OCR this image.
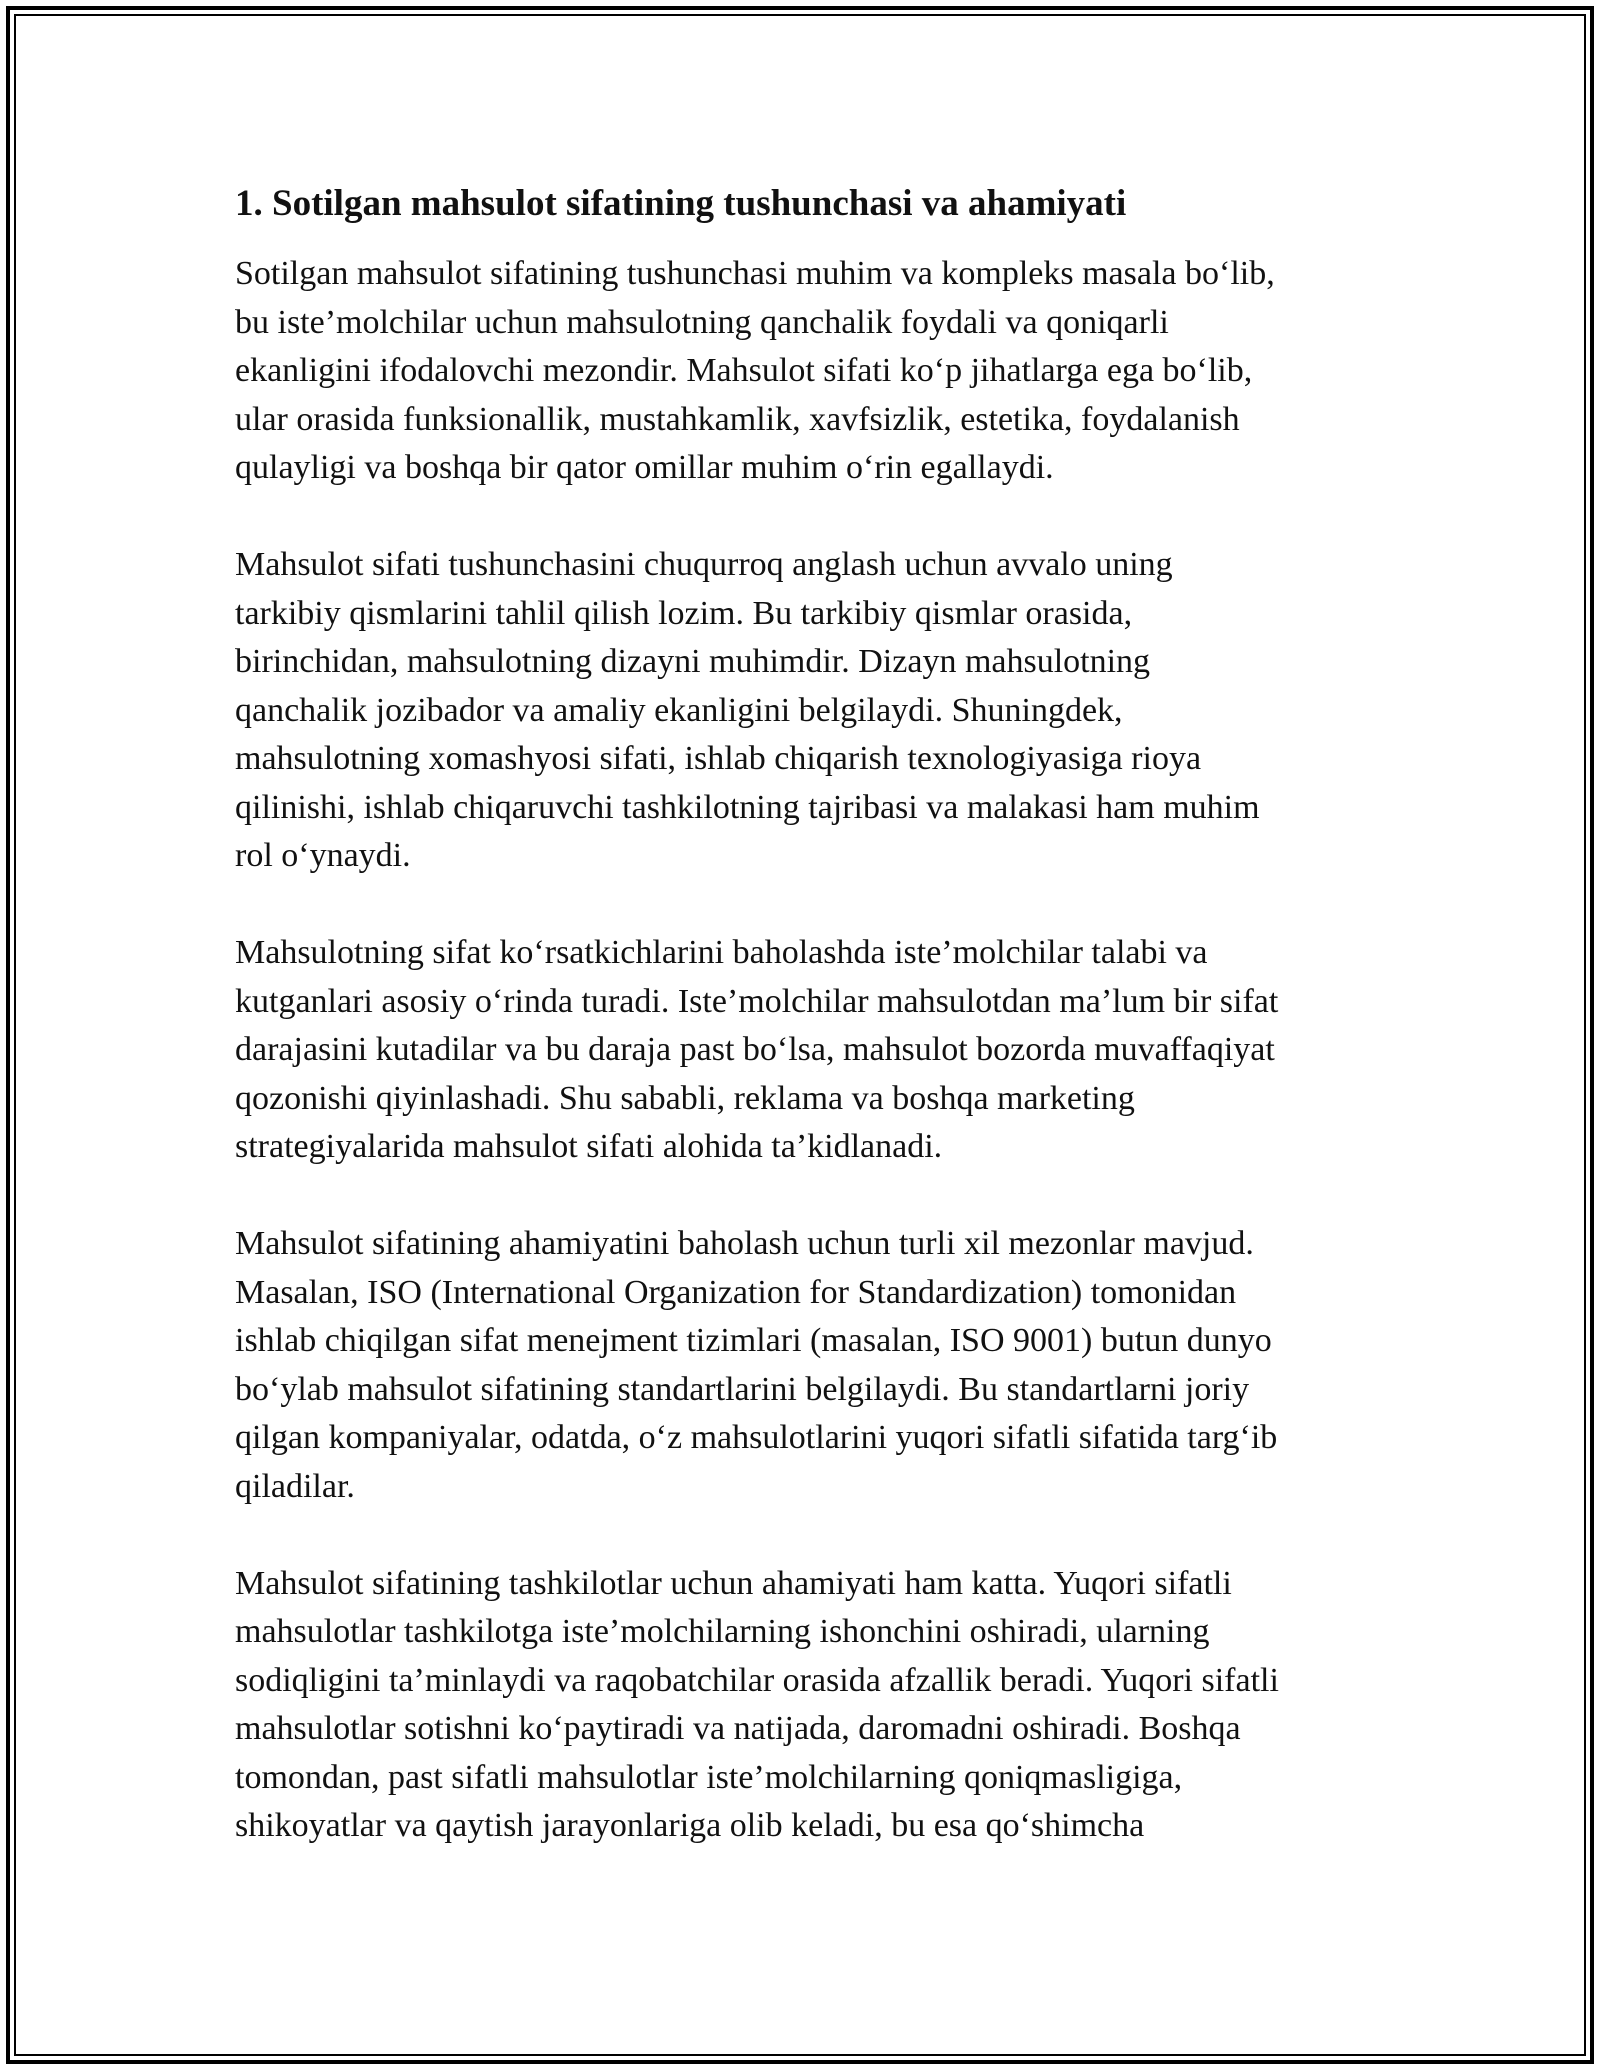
1. Sotilgan mahsulot sifatining tushunchasi va ahamiyati

Sotilgan mahsulot sifatining tushunchasi muhim va kompleks masala bo‘lib,
bu iste’molchilar uchun mahsulotning qanchalik foydali va qoniqarli
ekanligini ifodalovchi mezondir. Mahsulot sifati ko‘p jihatlarga ega bo‘lib,
ular orasida funksionallik, mustahkamlik, xavfsizlik, estetika, foydalanish
qulayligi va boshqa bir qator omillar muhim o‘rin egallaydi.

Mahsulot sifati tushunchasini chuqurroq anglash uchun avvalo uning
tarkibiy qismlarini tahlil qilish lozim. Bu tarkibiy qismlar orasida,
birinchidan, mahsulotning dizayni muhimdir. Dizayn mahsulotning
qanchalik jozibador va amaliy ekanligini belgilaydi. Shuningdek,
mahsulotning xomashyosi sifati, ishlab chiqarish texnologiyasiga rioya
qilinishi, ishlab chiqaruvchi tashkilotning tajribasi va malakasi ham muhim
rol o‘ynaydi.

Mahsulotning sifat ko‘rsatkichlarini baholashda iste’molchilar talabi va
kutganlari asosiy o‘rinda turadi. Iste’molchilar mahsulotdan ma’lum bir sifat
darajasini kutadilar va bu daraja past bo‘lsa, mahsulot bozorda muvaffaqiyat
qozonishi qiyinlashadi. Shu sababli, reklama va boshqa marketing
strategiyalarida mahsulot sifati alohida ta’kidlanadi.

Mahsulot sifatining ahamiyatini baholash uchun turli xil mezonlar mavjud.
Masalan, ISO (International Organization for Standardization) tomonidan
ishlab chiqilgan sifat menejment tizimlari (masalan, ISO 9001) butun dunyo
bo‘ylab mahsulot sifatining standartlarini belgilaydi. Bu standartlarni joriy
qilgan kompaniyalar, odatda, o‘z mahsulotlarini yuqori sifatli sifatida targ‘ib
qiladilar.

Mahsulot sifatining tashkilotlar uchun ahamiyati ham katta. Yuqori sifatli
mahsulotlar tashkilotga iste’molchilarning ishonchini oshiradi, ularning
sodiqligini ta’minlaydi va raqobatchilar orasida afzallik beradi. Yuqori sifatli
mahsulotlar sotishni ko‘paytiradi va natijada, daromadni oshiradi. Boshqa
tomondan, past sifatli mahsulotlar iste’molchilarning qoniqmasligiga,
shikoyatlar va qaytish jarayonlariga olib keladi, bu esa qo‘shimcha
